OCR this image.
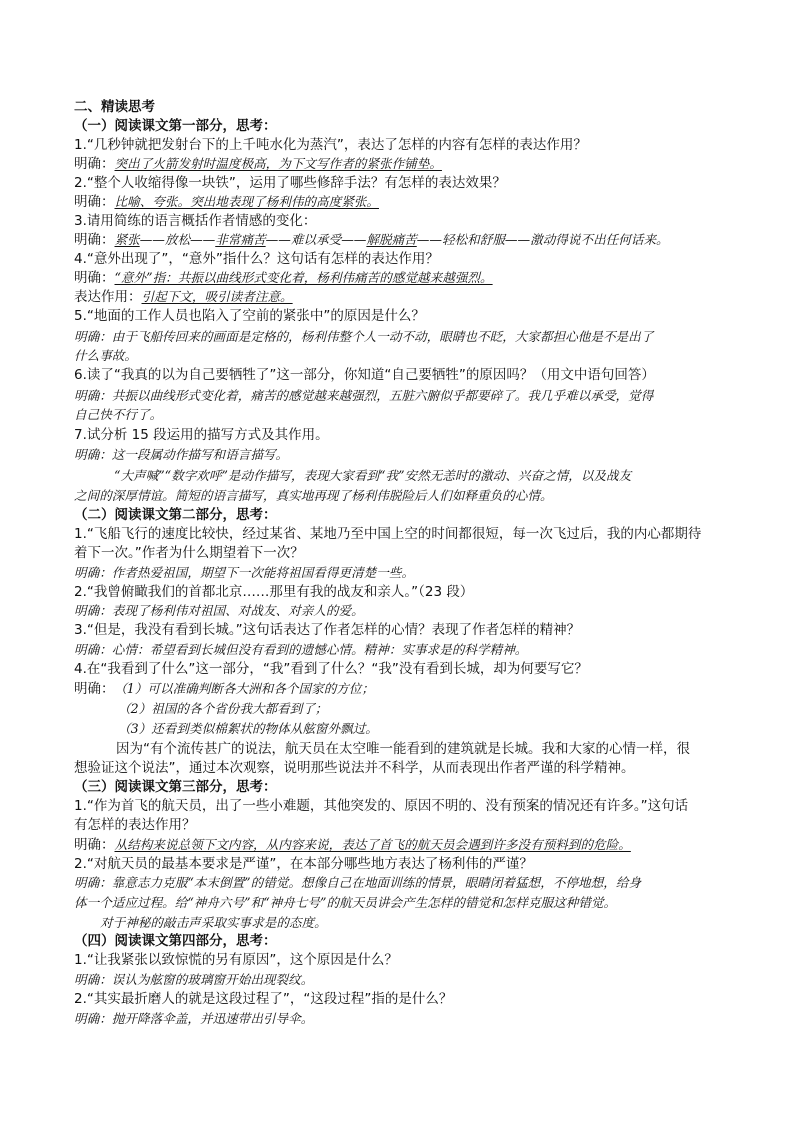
二、精读思考
（一）阅读课文第一部分，思考：
1.“几秒钟就把发射台下的上千吨水化为蒸汽”，表达了怎样的内容有怎样的表达作用？
明确：突出了火箭发射时温度极高，为下文写作者的紧张作铺垫。
2.“整个人收缩得像一块铁”，运用了哪些修辞手法？有怎样的表达效果？
明确：比喻、夸张。突出地表现了杨利伟的高度紧张。
3.请用简练的语言概括作者情感的变化：
明确：紧张——放松——非常痛苦——难以承受——解脱痛苦——轻松和舒服——激动得说不出任何话来。
4.“意外出现了”，“意外”指什么？这句话有怎样的表达作用？
明确：“意外”指：共振以曲线形式变化着，杨利伟痛苦的感觉越来越强烈。
表达作用：引起下文，吸引读者注意。
5.“地面的工作人员也陷入了空前的紧张中”的原因是什么？
明确：由于飞船传回来的画面是定格的，杨利伟整个人一动不动，眼睛也不眨，大家都担心他是不是出了
什么事故。
6.读了“我真的以为自己要牺牲了”这一部分，你知道“自己要牺牲”的原因吗？（用文中语句回答）
明确：共振以曲线形式变化着，痛苦的感觉越来越强烈，五脏六腑似乎都要碎了。我几乎难以承受，觉得
自己快不行了。
7.试分析 15 段运用的描写方式及其作用。
明确：这一段属动作描写和语言描写。
“大声喊”“数字欢呼”是动作描写，表现大家看到“我”安然无恙时的激动、兴奋之情，以及战友
之间的深厚情谊。简短的语言描写，真实地再现了杨利伟脱险后人们如释重负的心情。
（二）阅读课文第二部分，思考：
1.“飞船飞行的速度比较快，经过某省、某地乃至中国上空的时间都很短，每一次飞过后，我的内心都期待
着下一次。”作者为什么期望着下一次？
明确：作者热爱祖国，期望下一次能将祖国看得更清楚一些。
2.“我曾俯瞰我们的首都北京……那里有我的战友和亲人。”（23 段）
明确：表现了杨利伟对祖国、对战友、对亲人的爱。
3.“但是，我没有看到长城。”这句话表达了作者怎样的心情？表现了作者怎样的精神？
明确：心情：希望看到长城但没有看到的遗憾心情。精神：实事求是的科学精神。
4.在“我看到了什么”这一部分，“我”看到了什么？“我”没有看到长城，却为何要写它？
明确： （1）可以准确判断各大洲和各个国家的方位；
（2）祖国的各个省份我大都看到了；
（3）还看到类似棉絮状的物体从舷窗外飘过。
因为“有个流传甚广的说法，航天员在太空唯一能看到的建筑就是长城。我和大家的心情一样，很
想验证这个说法”，通过本次观察，说明那些说法并不科学，从而表现出作者严谨的科学精神。
（三）阅读课文第三部分，思考：
1.“作为首飞的航天员，出了一些小难题，其他突发的、原因不明的、没有预案的情况还有许多。”这句话
有怎样的表达作用？
明确：从结构来说总领下文内容，从内容来说，表达了首飞的航天员会遇到许多没有预料到的危险。
2.“对航天员的最基本要求是严谨”，在本部分哪些地方表达了杨利伟的严谨？
明确：靠意志力克服“本末倒置”的错觉。想像自己在地面训练的情景，眼睛闭着猛想，不停地想，给身
体一个适应过程。给“神舟六号”和“神舟七号”的航天员讲会产生怎样的错觉和怎样克服这种错觉。
对于神秘的敲击声采取实事求是的态度。
（四）阅读课文第四部分，思考：
1.“让我紧张以致惊慌的另有原因”，这个原因是什么？
明确：误认为舷窗的玻璃窗开始出现裂纹。
2.“其实最折磨人的就是这段过程了”，“这段过程”指的是什么？
明确：抛开降落伞盖，并迅速带出引导伞。
